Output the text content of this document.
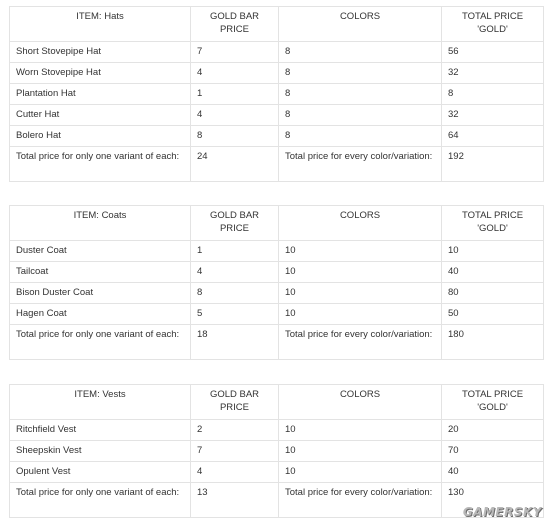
ITEM: Hats	GOLD BAR PRICE	COLORS	TOTAL PRICE 'GOLD'
Short Stovepipe Hat	7	8	56
Worn Stovepipe Hat	4	8	32
Plantation Hat	1	8	8
Cutter Hat	4	8	32
Bolero Hat	8	8	64
Total price for only one variant of each:	24	Total price for every color/variation:	192
ITEM: Coats	GOLD BAR PRICE	COLORS	TOTAL PRICE 'GOLD'
Duster Coat	1	10	10
Tailcoat	4	10	40
Bison Duster Coat	8	10	80
Hagen Coat	5	10	50
Total price for only one variant of each:	18	Total price for every color/variation:	180
ITEM: Vests	GOLD BAR PRICE	COLORS	TOTAL PRICE 'GOLD'
Ritchfield Vest	2	10	20
Sheepskin Vest	7	10	70
Opulent Vest	4	10	40
Total price for only one variant of each:	13	Total price for every color/variation:	130
GAMERSKY
